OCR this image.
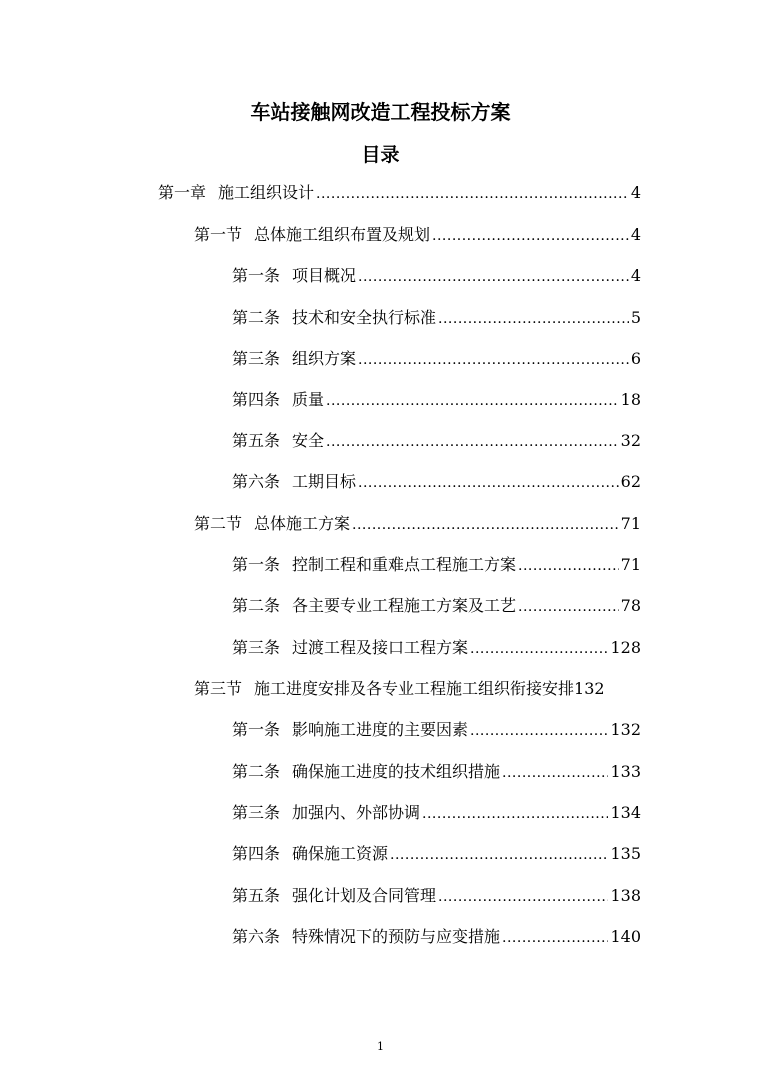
车站接触网改造工程投标方案
目录
第一章 施工组织设计 .....	4
第一节 总体施工组织布置及规划 .....	4
第一条 项目概况 .....	4
第二条 技术和安全执行标准 .....	5
第三条 组织方案 .....	6
第四条 质量 .....	18
第五条 安全 .....	32
第六条 工期目标 .....	62
第二节 总体施工方案 .....	71
第一条 控制工程和重难点工程施工方案 .....	71
第二条 各主要专业工程施工方案及工艺 .....	78
第三条 过渡工程及接口工程方案 .....	128
第三节 施工进度安排及各专业工程施工组织衔接安排 132
第一条 影响施工进度的主要因素 .....	132
第二条 确保施工进度的技术组织措施 .....	133
第三条 加强内、外部协调 .....	134
第四条 确保施工资源 .....	135
第五条 强化计划及合同管理 .....	138
第六条 特殊情况下的预防与应变措施 .....	140
1
